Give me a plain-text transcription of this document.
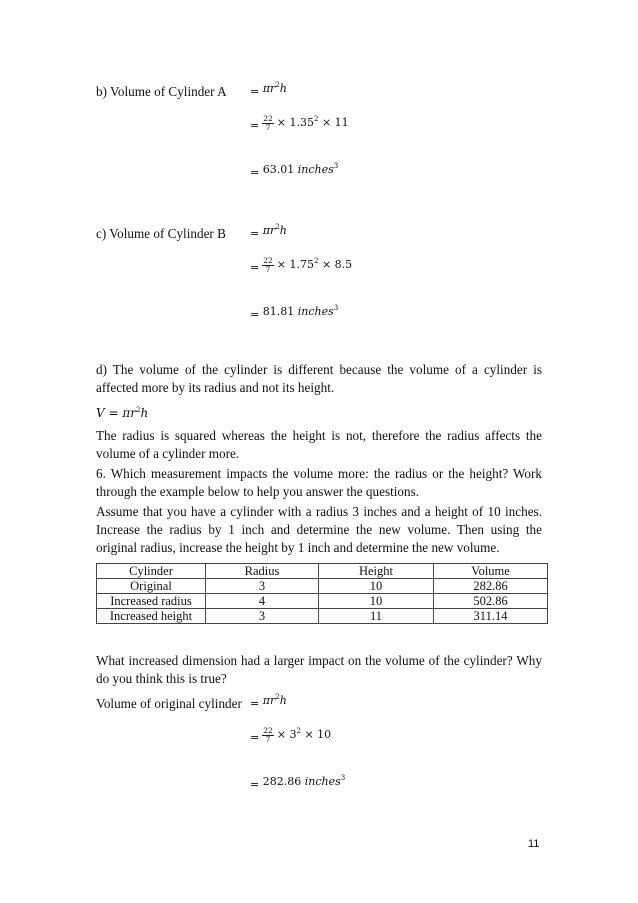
b) Volume of Cylinder $A = \pi r^2h$
= $\frac{22}{7} \times 1.35^2 \times 11$
= 63.01 inches$^3$
c) Volume of Cylinder $B = \pi r^2h$
= $\frac{22}{7} \times 1.75^2 \times 8.5$
= 81.81 inches$^3$
d) The volume of the cylinder is different because the volume of a cylinder is affected more by its radius and not its height.
$V = \pi r^2h$
The radius is squared whereas the height is not, therefore the radius affects the volume of a cylinder more.
6. Which measurement impacts the volume more: the radius or the height? Work through the example below to help you answer the questions.
Assume that you have a cylinder with a radius 3 inches and a height of 10 inches. Increase the radius by 1 inch and determine the new volume. Then using the original radius, increase the height by 1 inch and determine the new volume.
Cylinder	Radius	Height	Volume
Original	3	10	282.86
Increased radius	4	10	502.86
Increased height	3	11	311.14
What increased dimension had a larger impact on the volume of the cylinder? Why do you think this is true?
Volume of original cylinder = $\pi r^2h$
= $\frac{22}{7} \times 3^2 \times 10$
= 282.86 inches$^3$
11
